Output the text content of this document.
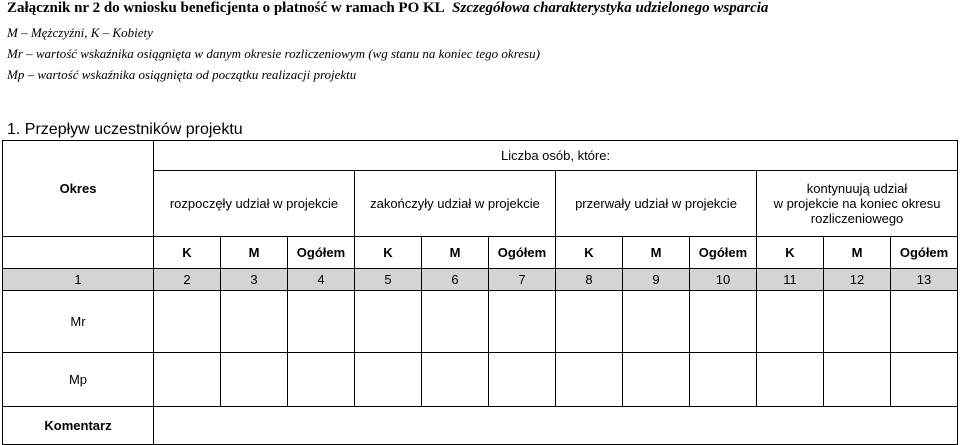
Załącznik nr 2 do wniosku beneficjenta o płatność w ramach PO KL Szczegółowa charakterystyka udzielonego wsparcia
M – Mężczyźni, K – Kobiety
Mr – wartość wskaźnika osiągnięta w danym okresie rozliczeniowym (wg stanu na koniec tego okresu)
Mp – wartość wskaźnika osiągnięta od początku realizacji projektu
1. Przepływ uczestników projektu
Okres	Liczba osób, które:											
	rozpoczęły udział w projekcie			zakończyły udział w projekcie			przerwały udział w projekcie			kontynuują udział
w projekcie na koniec okresu
rozliczeniowego		
	K	M	Ogółem	K	M	Ogółem	K	M	Ogółem	K	M	Ogółem
1	2	3	4	5	6	7	8	9	10	11	12	13
Mr												
Mp												
Komentarz												
